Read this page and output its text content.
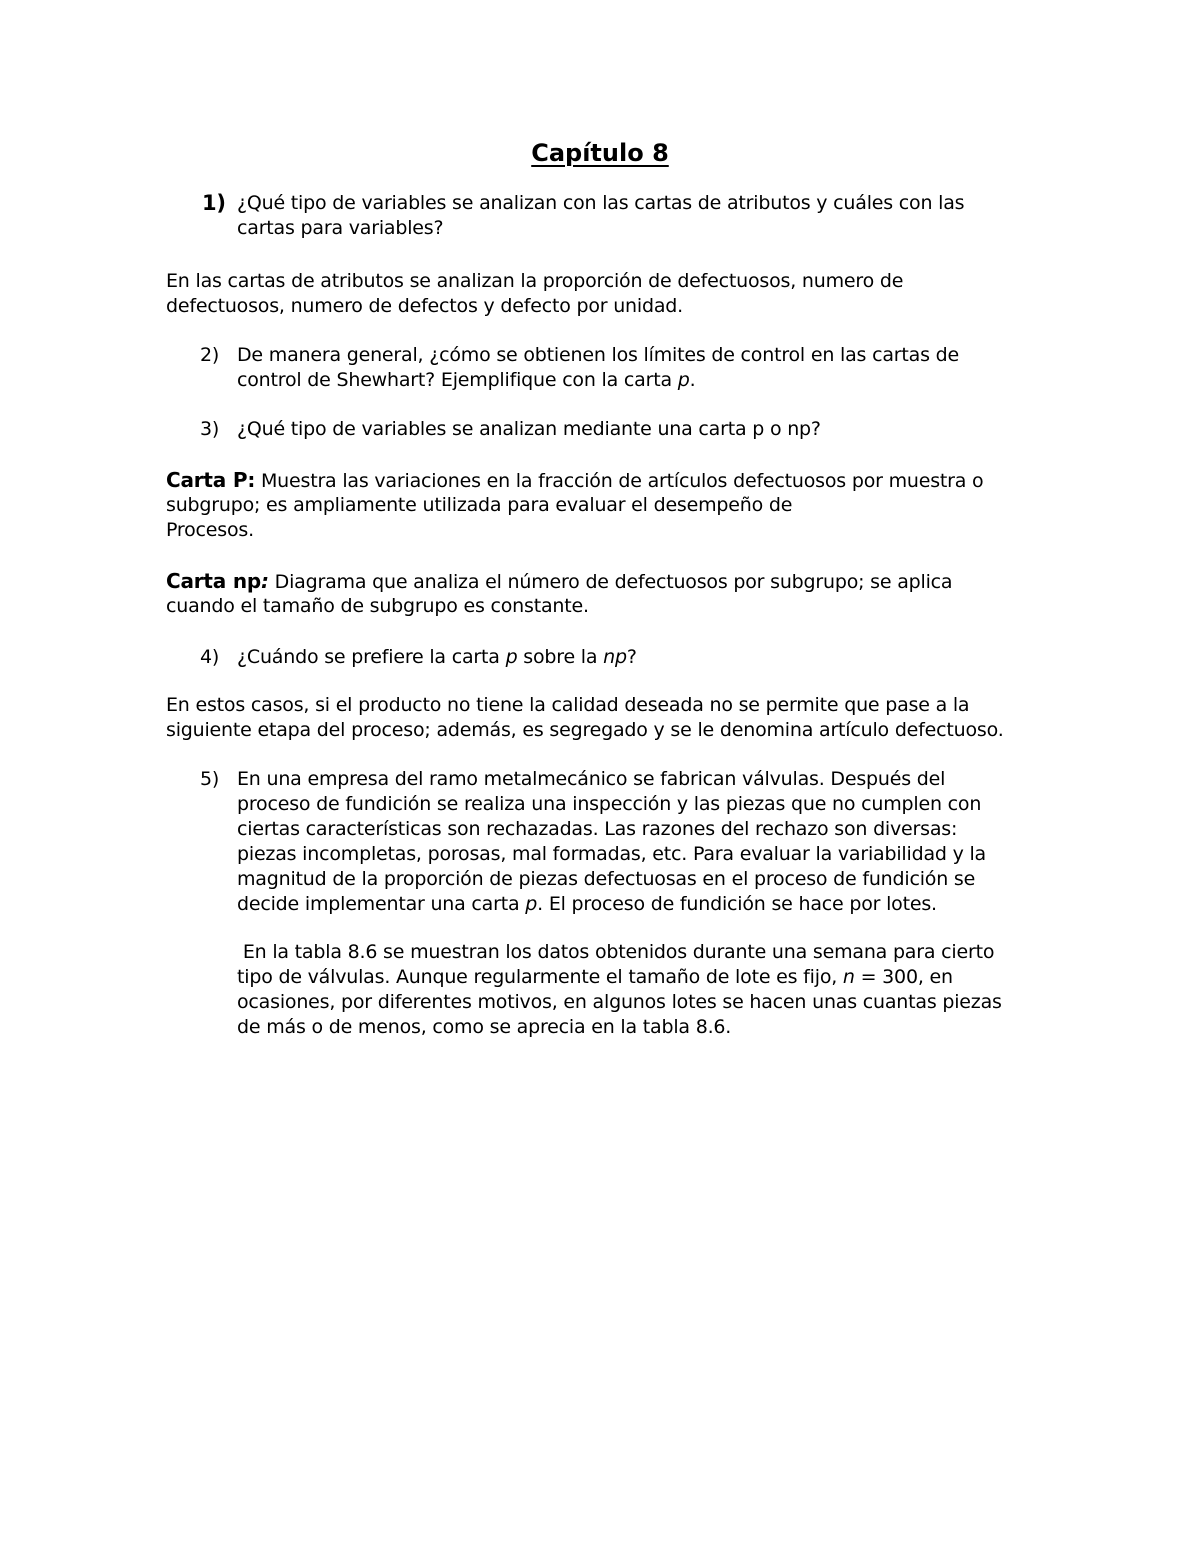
Capítulo 8
1) ¿Qué tipo de variables se analizan con las cartas de atributos y cuáles con las
cartas para variables?
En las cartas de atributos se analizan la proporción de defectuosos, numero de
defectuosos, numero de defectos y defecto por unidad.
2) De manera general, ¿cómo se obtienen los límites de control en las cartas de
control de Shewhart? Ejemplifique con la carta p.
3) ¿Qué tipo de variables se analizan mediante una carta p o np?
Carta P: Muestra las variaciones en la fracción de artículos defectuosos por muestra o
subgrupo; es ampliamente utilizada para evaluar el desempeño de
Procesos.
Carta np: Diagrama que analiza el número de defectuosos por subgrupo; se aplica
cuando el tamaño de subgrupo es constante.
4) ¿Cuándo se prefiere la carta p sobre la np?
En estos casos, si el producto no tiene la calidad deseada no se permite que pase a la
siguiente etapa del proceso; además, es segregado y se le denomina artículo defectuoso.
5) En una empresa del ramo metalmecánico se fabrican válvulas. Después del
proceso de fundición se realiza una inspección y las piezas que no cumplen con
ciertas características son rechazadas. Las razones del rechazo son diversas:
piezas incompletas, porosas, mal formadas, etc. Para evaluar la variabilidad y la
magnitud de la proporción de piezas defectuosas en el proceso de fundición se
decide implementar una carta p. El proceso de fundición se hace por lotes.
En la tabla 8.6 se muestran los datos obtenidos durante una semana para cierto
tipo de válvulas. Aunque regularmente el tamaño de lote es fijo, n = 300, en
ocasiones, por diferentes motivos, en algunos lotes se hacen unas cuantas piezas
de más o de menos, como se aprecia en la tabla 8.6.
